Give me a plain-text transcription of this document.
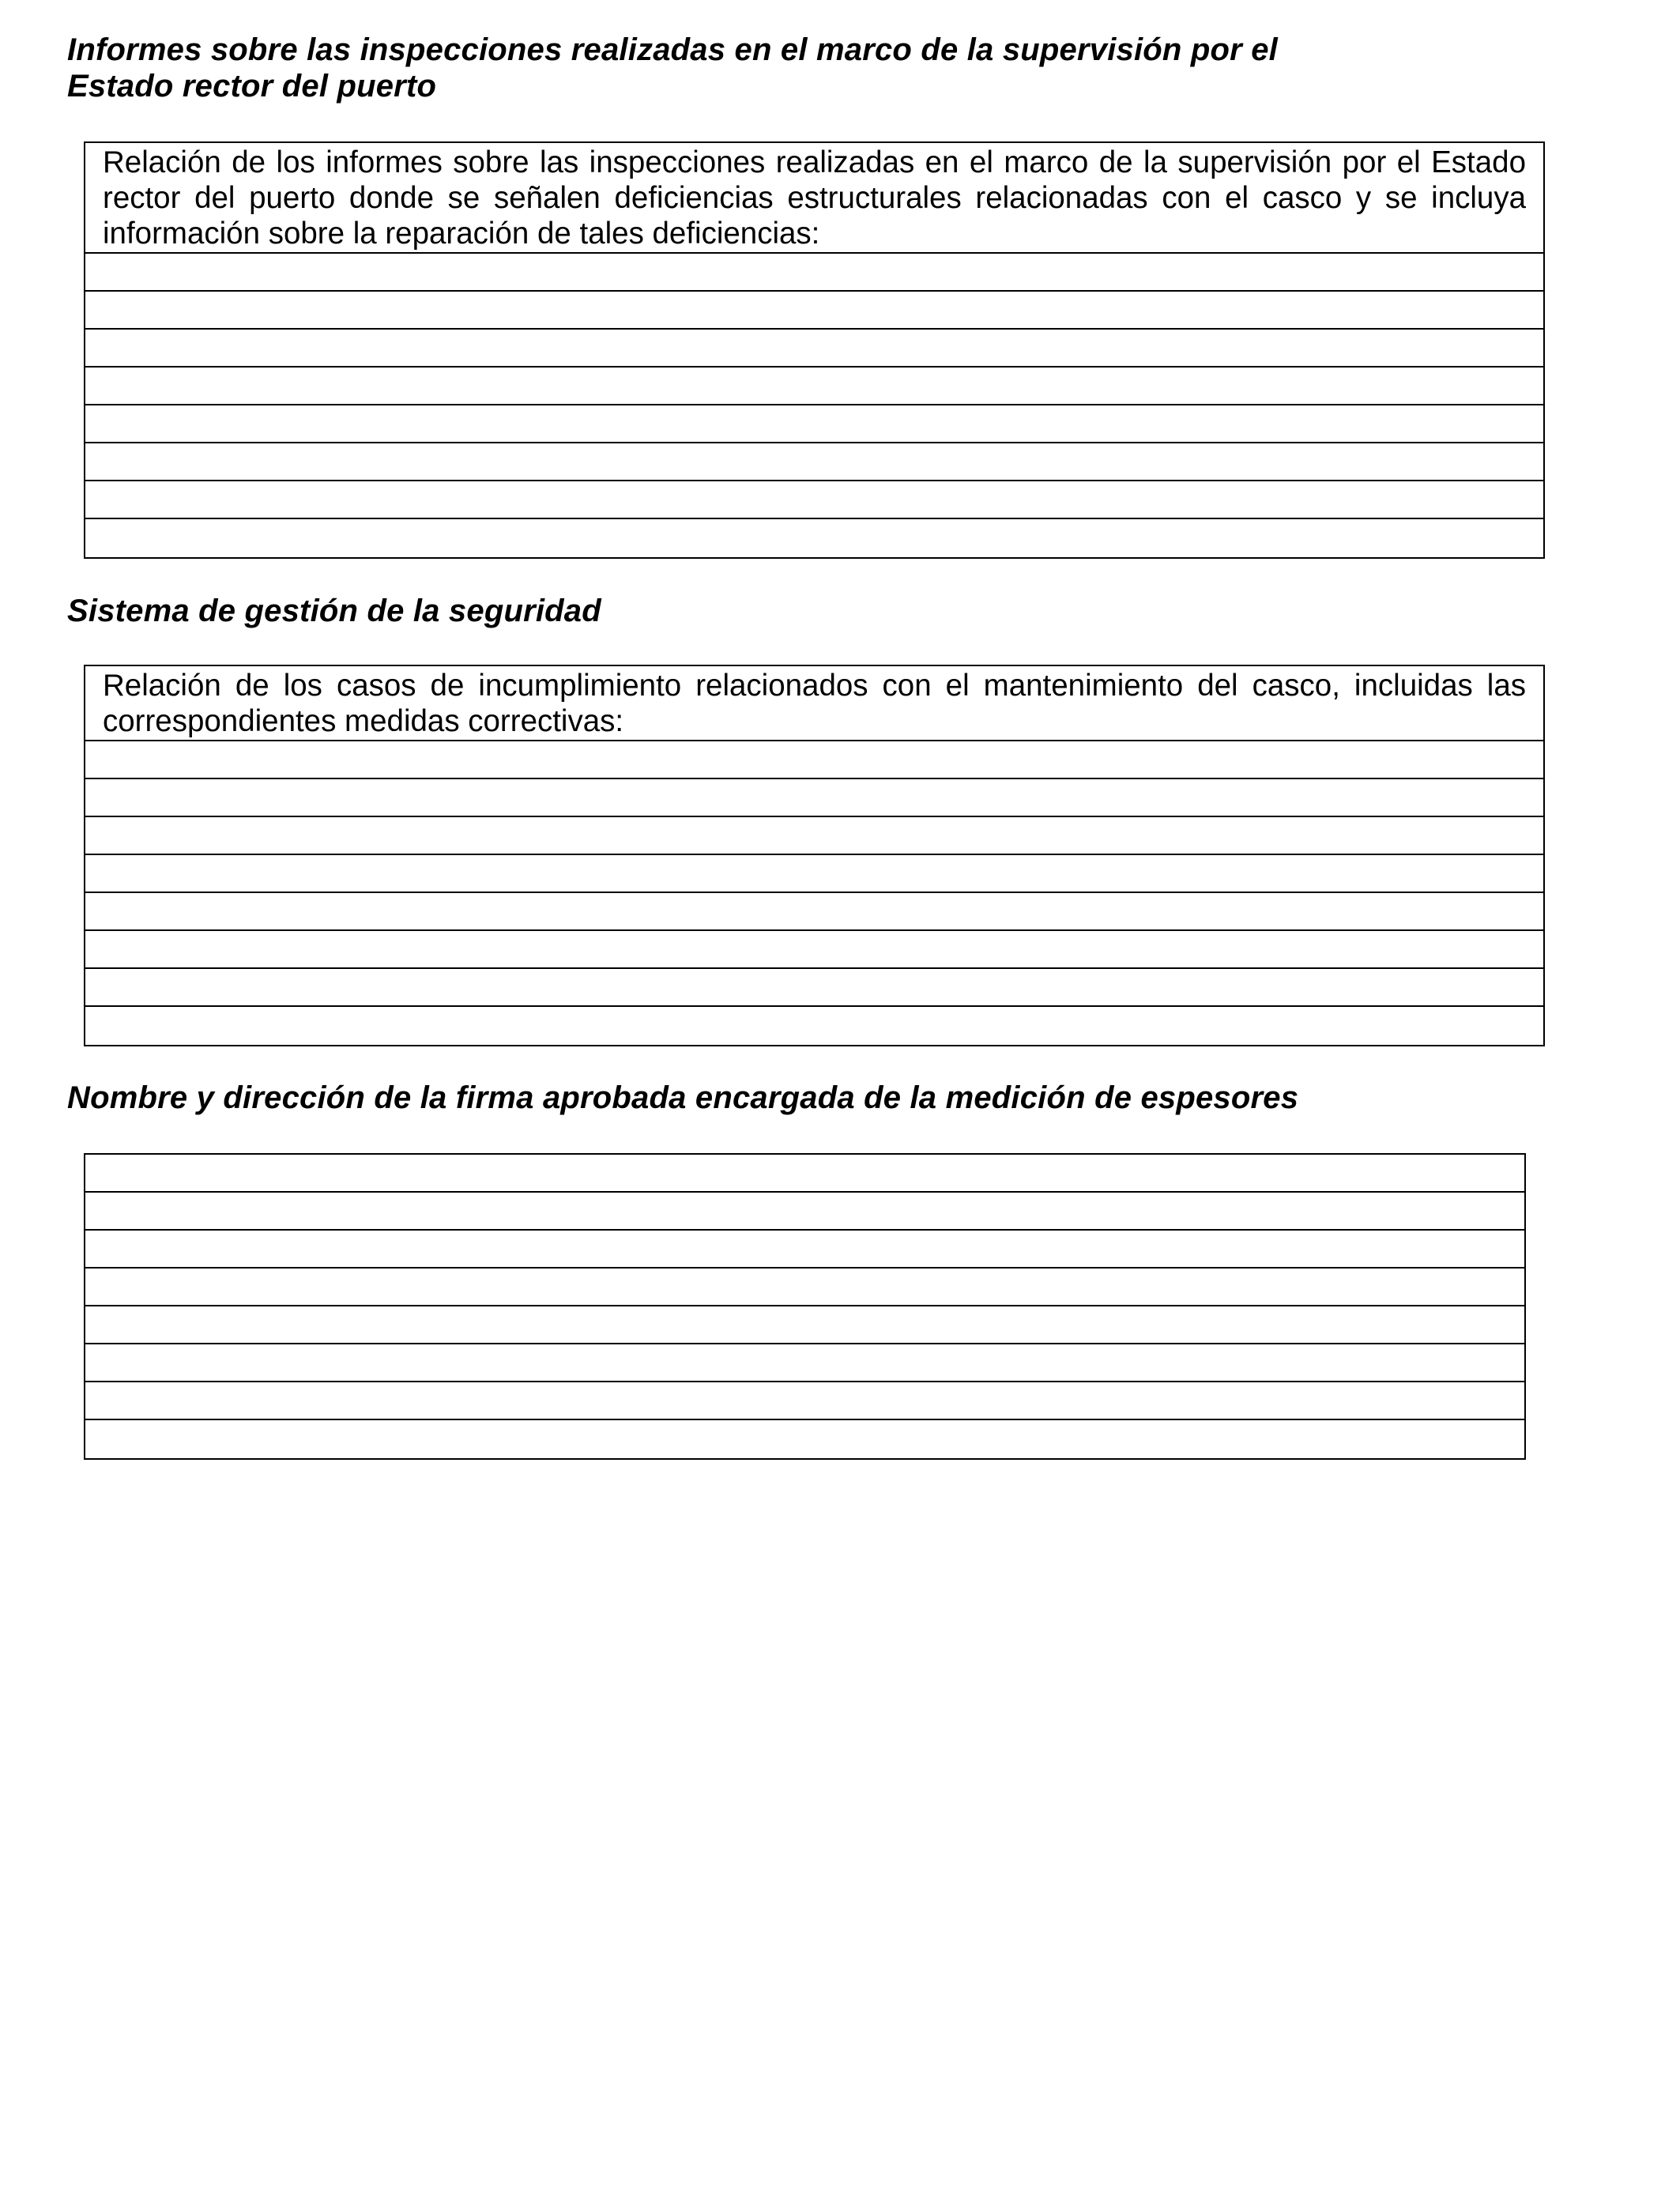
Informes sobre las inspecciones realizadas en el marco de la supervisión por el
Estado rector del puerto
Relación de los informes sobre las inspecciones realizadas en el marco de la supervisión por el Estado rector del puerto donde se señalen deficiencias estructurales relacionadas con el casco y se incluya información sobre la reparación de tales deficiencias:
Sistema de gestión de la seguridad
Relación de los casos de incumplimiento relacionados con el mantenimiento del casco, incluidas las correspondientes medidas correctivas:
Nombre y dirección de la firma aprobada encargada de la medición de espesores
